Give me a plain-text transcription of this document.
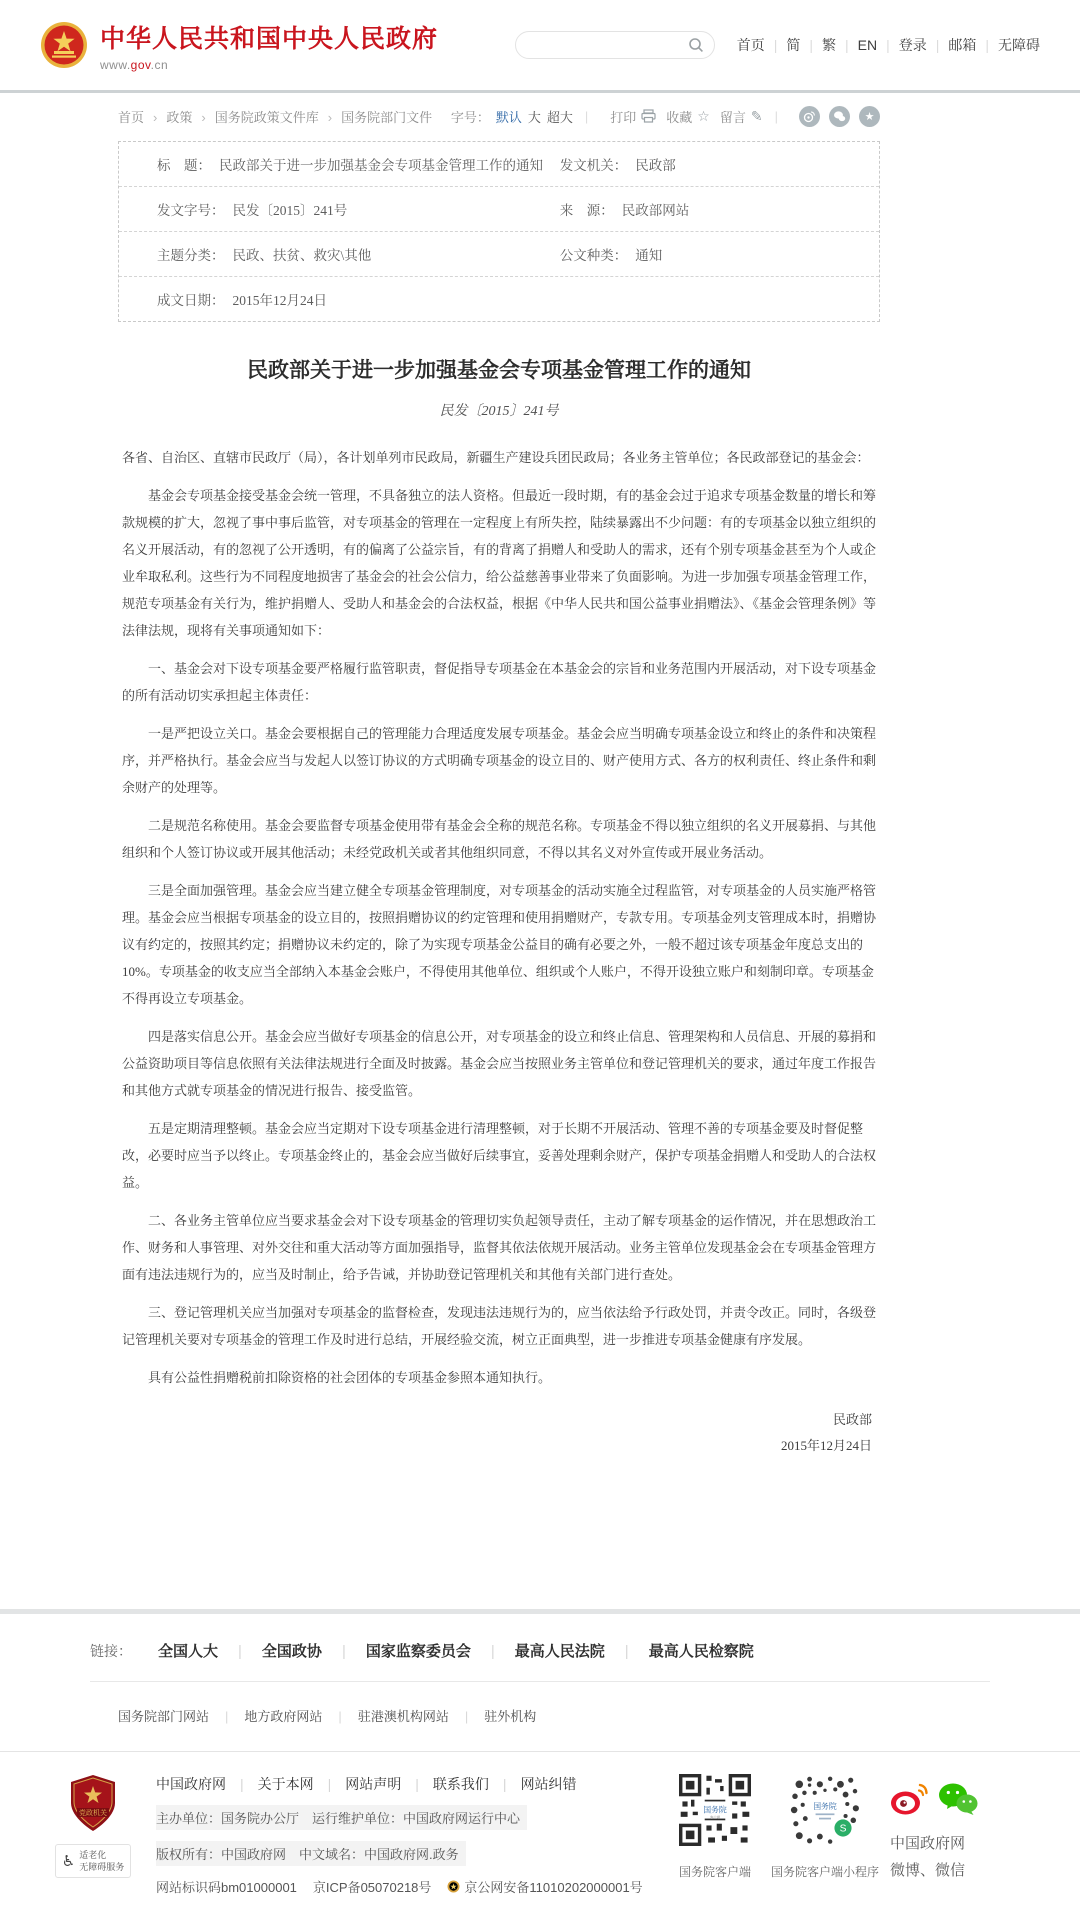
中华人民共和国中央人民政府
www.gov.cn
首页 | 简 | 繁 | EN | 登录 | 邮箱 | 无障碍
首页	› 政策	› 国务院政策文件库	› 国务院部门文件 字号： 默认 大 超大 | 打印 收藏 ☆ 留言 ✎ |	★
标　题： 民政部关于进一步加强基金会专项基金管理工作的通知 发文机关： 民政部
发文字号： 民发〔2015〕241号	来　源： 民政部网站
主题分类： 民政、扶贫、救灾\其他	公文种类： 通知
成文日期： 2015年12月24日
民政部关于进一步加强基金会专项基金管理工作的通知
民发〔2015〕241号

各省、自治区、直辖市民政厅（局），各计划单列市民政局，新疆生产建设兵团民政局；各业务主管单位；各民政部登记的基金会：

基金会专项基金接受基金会统一管理，不具备独立的法人资格。但最近一段时期，有的基金会过于追求专项基金数量的增长和筹款规模的扩大，忽视了事中事后监管，对专项基金的管理在一定程度上有所失控，陆续暴露出不少问题：有的专项基金以独立组织的名义开展活动，有的忽视了公开透明，有的偏离了公益宗旨，有的背离了捐赠人和受助人的需求，还有个别专项基金甚至为个人或企业牟取私利。这些行为不同程度地损害了基金会的社会公信力，给公益慈善事业带来了负面影响。为进一步加强专项基金管理工作，规范专项基金有关行为，维护捐赠人、受助人和基金会的合法权益，根据《中华人民共和国公益事业捐赠法》、《基金会管理条例》等法律法规，现将有关事项通知如下：

一、基金会对下设专项基金要严格履行监管职责，督促指导专项基金在本基金会的宗旨和业务范围内开展活动，对下设专项基金的所有活动切实承担起主体责任：

一是严把设立关口。基金会要根据自己的管理能力合理适度发展专项基金。基金会应当明确专项基金设立和终止的条件和决策程序，并严格执行。基金会应当与发起人以签订协议的方式明确专项基金的设立目的、财产使用方式、各方的权利责任、终止条件和剩余财产的处理等。

二是规范名称使用。基金会要监督专项基金使用带有基金会全称的规范名称。专项基金不得以独立组织的名义开展募捐、与其他组织和个人签订协议或开展其他活动；未经党政机关或者其他组织同意，不得以其名义对外宣传或开展业务活动。

三是全面加强管理。基金会应当建立健全专项基金管理制度，对专项基金的活动实施全过程监管，对专项基金的人员实施严格管理。基金会应当根据专项基金的设立目的，按照捐赠协议的约定管理和使用捐赠财产，专款专用。专项基金列支管理成本时，捐赠协议有约定的，按照其约定；捐赠协议未约定的，除了为实现专项基金公益目的确有必要之外，一般不超过该专项基金年度总支出的10%。专项基金的收支应当全部纳入本基金会账户，不得使用其他单位、组织或个人账户，不得开设独立账户和刻制印章。专项基金不得再设立专项基金。

四是落实信息公开。基金会应当做好专项基金的信息公开，对专项基金的设立和终止信息、管理架构和人员信息、开展的募捐和公益资助项目等信息依照有关法律法规进行全面及时披露。基金会应当按照业务主管单位和登记管理机关的要求，通过年度工作报告和其他方式就专项基金的情况进行报告、接受监管。

五是定期清理整顿。基金会应当定期对下设专项基金进行清理整顿，对于长期不开展活动、管理不善的专项基金要及时督促整改，必要时应当予以终止。专项基金终止的，基金会应当做好后续事宜，妥善处理剩余财产，保护专项基金捐赠人和受助人的合法权益。

二、各业务主管单位应当要求基金会对下设专项基金的管理切实负起领导责任，主动了解专项基金的运作情况，并在思想政治工作、财务和人事管理、对外交往和重大活动等方面加强指导，监督其依法依规开展活动。业务主管单位发现基金会在专项基金管理方面有违法违规行为的，应当及时制止，给予告诫，并协助登记管理机关和其他有关部门进行查处。

三、登记管理机关应当加强对专项基金的监督检查，发现违法违规行为的，应当依法给予行政处罚，并责令改正。同时，各级登记管理机关要对专项基金的管理工作及时进行总结，开展经验交流，树立正面典型，进一步推进专项基金健康有序发展。

具有公益性捐赠税前扣除资格的社会团体的专项基金参照本通知执行。

民政部
2015年12月24日
链接： 全国人大	| 全国政协	| 国家监察委员会	| 最高人民法院	| 最高人民检察院
国务院部门网站	| 地方政府网站	| 驻港澳机构网站	| 驻外机构
党政机关
♿ 适老化
无障碍服务
中国政府网 | 关于本网 | 网站声明 | 联系我们 | 网站纠错
主办单位：国务院办公厅　运行维护单位：中国政府网运行中心
版权所有：中国政府网　中文域名：中国政府网.政务
网站标识码bm01000001 京ICP备05070218号	京公网安备11010202000001号
国务院
客户端
国务院客户端
国务院
S
国务院客户端小程序
中国政府网
微博、微信
